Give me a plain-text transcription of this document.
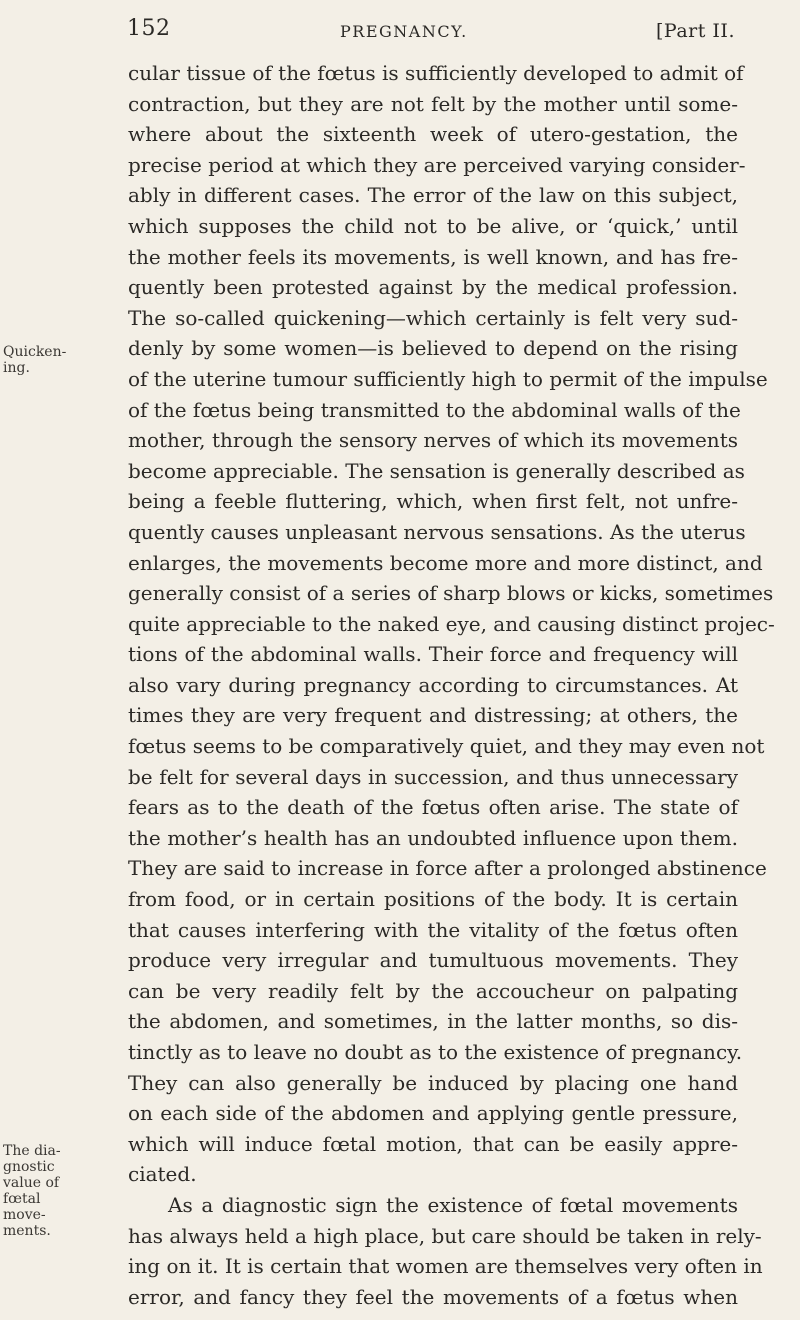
152	PREGNANCY.	[Part II.
Quicken-
ing.
The dia-
gnostic
value of
fœtal
move-
ments.
cular tissue of the fœtus is sufficiently developed to admit of
contraction, but they are not felt by the mother until some-
where about the sixteenth week of utero-gestation, the
precise period at which they are perceived varying consider-
ably in different cases. The error of the law on this subject,
which supposes the child not to be alive, or ‘quick,’ until
the mother feels its movements, is well known, and has fre-
quently been protested against by the medical profession.
The so-called quickening—which certainly is felt very sud-
denly by some women—is believed to depend on the rising
of the uterine tumour sufficiently high to permit of the impulse
of the fœtus being transmitted to the abdominal walls of the
mother, through the sensory nerves of which its movements
become appreciable. The sensation is generally described as
being a feeble fluttering, which, when first felt, not unfre-
quently causes unpleasant nervous sensations. As the uterus
enlarges, the movements become more and more distinct, and
generally consist of a series of sharp blows or kicks, sometimes
quite appreciable to the naked eye, and causing distinct projec-
tions of the abdominal walls. Their force and frequency will
also vary during pregnancy according to circumstances. At
times they are very frequent and distressing; at others, the
fœtus seems to be comparatively quiet, and they may even not
be felt for several days in succession, and thus unnecessary
fears as to the death of the fœtus often arise. The state of
the mother’s health has an undoubted influence upon them.
They are said to increase in force after a prolonged abstinence
from food, or in certain positions of the body. It is certain
that causes interfering with the vitality of the fœtus often
produce very irregular and tumultuous movements. They
can be very readily felt by the accoucheur on palpating
the abdomen, and sometimes, in the latter months, so dis-
tinctly as to leave no doubt as to the existence of pregnancy.
They can also generally be induced by placing one hand
on each side of the abdomen and applying gentle pressure,
which will induce fœtal motion, that can be easily appre-
ciated.
As a diagnostic sign the existence of fœtal movements
has always held a high place, but care should be taken in rely-
ing on it. It is certain that women are themselves very often in
error, and fancy they feel the movements of a fœtus when
